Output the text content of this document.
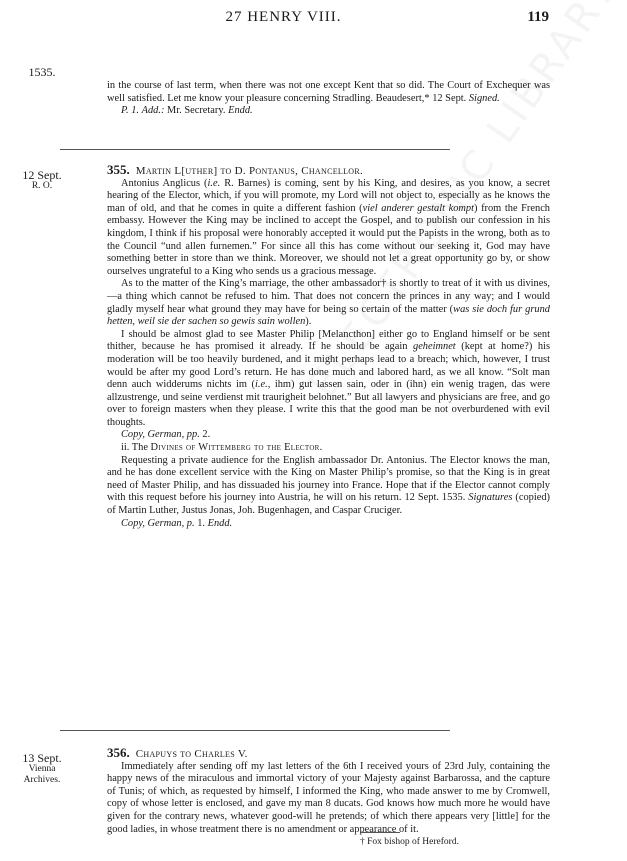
27 HENRY VIII.	119
1535.

in the course of last term, when there was not one except Kent that so did. The Court of Exchequer was well satisfied. Let me know your pleasure concerning Stradling. Beaudesert,* 12 Sept. Signed.

P. 1. Add.: Mr. Secretary. Endd.

12 Sept.
R. O.

355. Martin L[uther] to D. Pontanus, Chancellor.

Antonius Anglicus (i.e. R. Barnes) is coming, sent by his King, and desires, as you know, a secret hearing of the Elector, which, if you will promote, my Lord will not object to, especially as he knows the man of old, and that he comes in quite a different fashion (viel anderer gestalt kompt) from the French embassy. However the King may be inclined to accept the Gospel, and to publish our confession in his kingdom, I think if his proposal were honorably accepted it would put the Papists in the wrong, both as to the Council “und allen furnemen.” For since all this has come without our seeking it, God may have something better in store than we think. Moreover, we should not let a great opportunity go by, or show ourselves ungrateful to a King who sends us a gracious message.

As to the matter of the King’s marriage, the other ambassador† is shortly to treat of it with us divines,—a thing which cannot be refused to him. That does not concern the princes in any way; and I would gladly myself hear what ground they may have for being so certain of the matter (was sie doch fur grund hetten, weil sie der sachen so gewis sain wollen).

I should be almost glad to see Master Philip [Melancthon] either go to England himself or be sent thither, because he has promised it already. If he should be again geheimnet (kept at home?) his moderation will be too heavily burdened, and it might perhaps lead to a breach; which, however, I trust would be after my good Lord’s return. He has done much and labored hard, as we all know. “Solt man denn auch widderums nichts im (i.e., ihm) gut lassen sain, oder in (ihn) ein wenig tragen, das were allzustrenge, und seine verdienst mit traurigheit belohnet.” But all lawyers and physicians are free, and go over to foreign masters when they please. I write this that the good man be not overburdened with evil thoughts.

Copy, German, pp. 2.

ii. The Divines of Wittemberg to the Elector.

Requesting a private audience for the English ambassador Dr. Antonius. The Elector knows the man, and he has done excellent service with the King on Master Philip’s promise, so that the King is in great need of Master Philip, and has dissuaded his journey into France. Hope that if the Elector cannot comply with this request before his journey into Austria, he will on his return. 12 Sept. 1535. Signatures (copied) of Martin Luther, Justus Jonas, Joh. Bugenhagen, and Caspar Cruciger.

Copy, German, p. 1. Endd.

13 Sept.
Vienna
Archives.

356. Chapuys to Charles V.

Immediately after sending off my last letters of the 6th I received yours of 23rd July, containing the happy news of the miraculous and immortal victory of your Majesty against Barbarossa, and the capture of Tunis; of which, as requested by himself, I informed the King, who made answer to me by Cromwell, copy of whose letter is enclosed, and gave my man 8 ducats. God knows how much more he would have given for the contrary news, whatever good-will he pretends; of which there appears very [little] for the good ladies, in whose treatment there is no amendment or appearance of it.

† Fox bishop of Hereford.
